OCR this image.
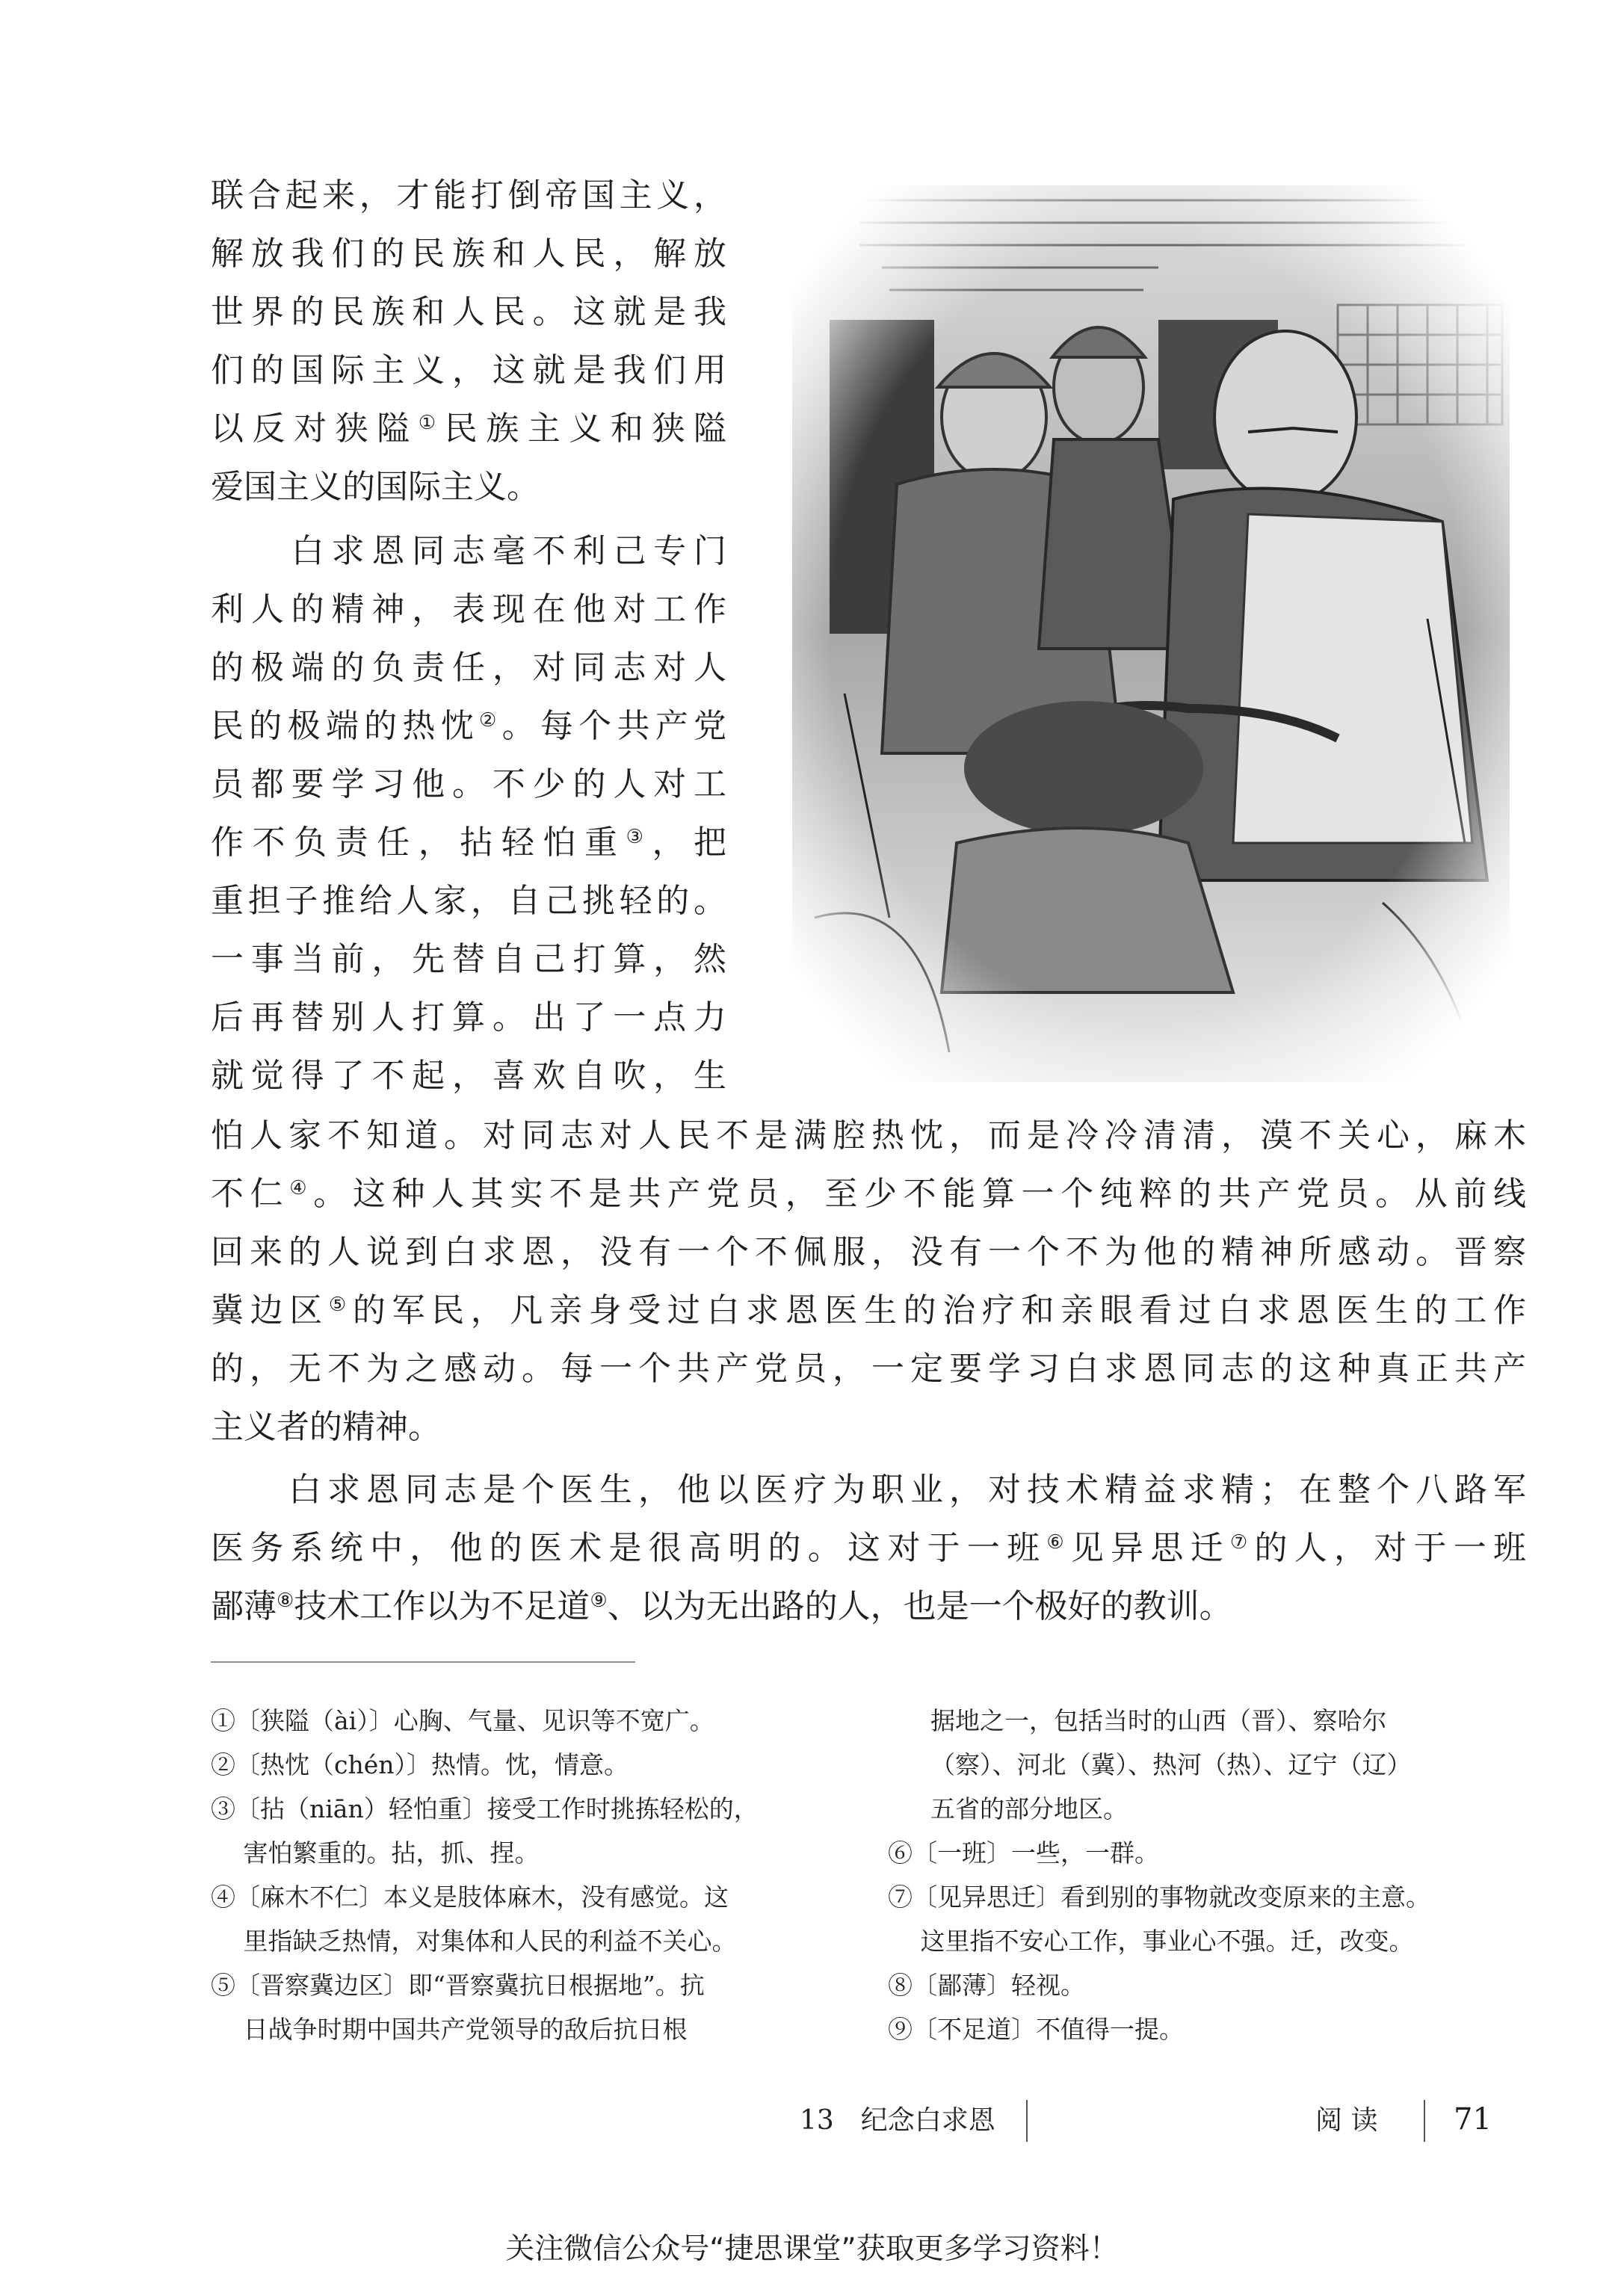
联合起来，才能打倒帝国主义，
解放我们的民族和人民，解放
世界的民族和人民。这就是我
们的国际主义，这就是我们用
以反对狭隘①民族主义和狭隘
爱国主义的国际主义。
　　白求恩同志毫不利己专门
利人的精神，表现在他对工作
的极端的负责任，对同志对人
民的极端的热忱②。每个共产党
员都要学习他。不少的人对工
作不负责任，拈轻怕重③，把
重担子推给人家，自己挑轻的。
一事当前，先替自己打算，然
后再替别人打算。出了一点力
就觉得了不起，喜欢自吹，生
怕人家不知道。对同志对人民不是满腔热忱，而是冷冷清清，漠不关心，麻木
不仁④。这种人其实不是共产党员，至少不能算一个纯粹的共产党员。从前线
回来的人说到白求恩，没有一个不佩服，没有一个不为他的精神所感动。晋察
冀边区⑤的军民，凡亲身受过白求恩医生的治疗和亲眼看过白求恩医生的工作
的，无不为之感动。每一个共产党员，一定要学习白求恩同志的这种真正共产
主义者的精神。
　　白求恩同志是个医生，他以医疗为职业，对技术精益求精；在整个八路军
医务系统中，他的医术是很高明的。这对于一班⑥见异思迁⑦的人，对于一班
鄙薄⑧技术工作以为不足道⑨、以为无出路的人，也是一个极好的教训。
①〔狭隘（ài）〕心胸、气量、见识等不宽广。
②〔热忱（chén）〕热情。忱，情意。
③〔拈（niān）轻怕重〕接受工作时挑拣轻松的，
　 害怕繁重的。拈，抓、捏。
④〔麻木不仁〕本义是肢体麻木，没有感觉。这
　 里指缺乏热情，对集体和人民的利益不关心。
⑤〔晋察冀边区〕即“晋察冀抗日根据地”。抗
　 日战争时期中国共产党领导的敌后抗日根
据地之一，包括当时的山西（晋）、察哈尔
（察）、河北（冀）、热河（热）、辽宁（辽）
五省的部分地区。
⑥〔一班〕一些，一群。
⑦〔见异思迁〕看到别的事物就改变原来的主意。
　 这里指不安心工作，事业心不强。迁，改变。
⑧〔鄙薄〕轻视。
⑨〔不足道〕不值得一提。
13　纪念白求恩	阅 读	71
关注微信公众号“捷思课堂”获取更多学习资料！
